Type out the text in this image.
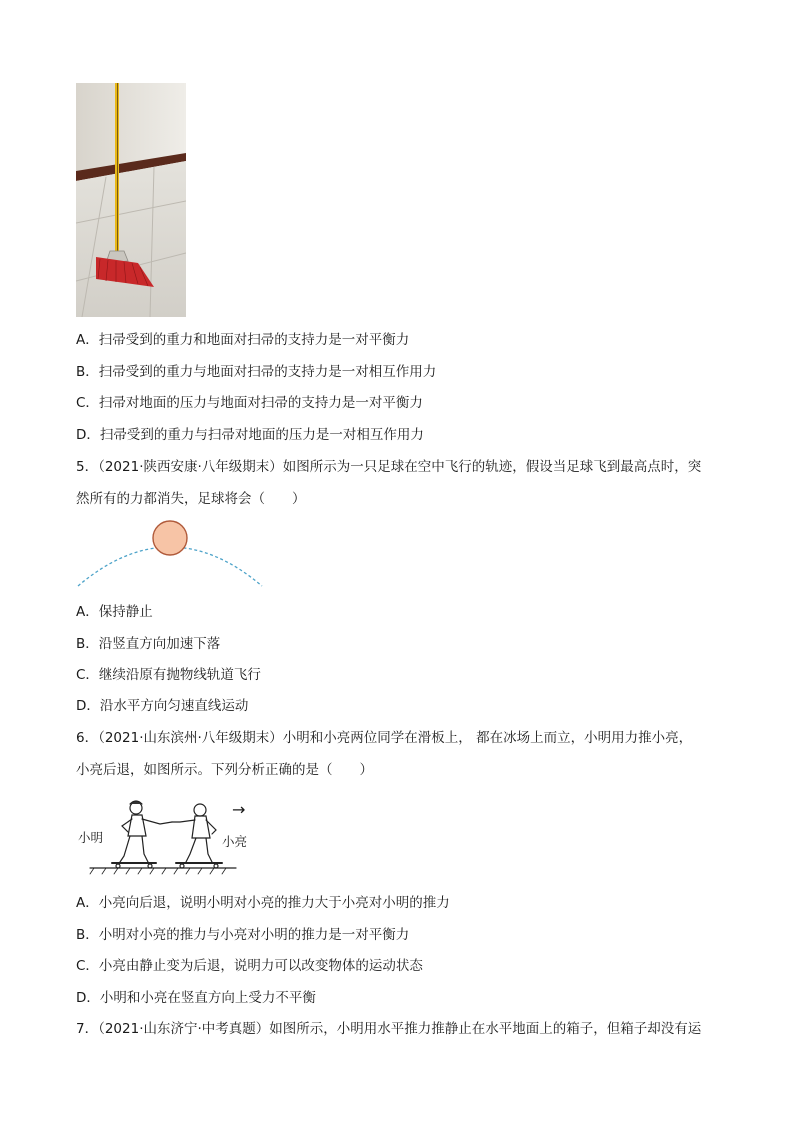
A．扫帚受到的重力和地面对扫帚的支持力是一对平衡力
B．扫帚受到的重力与地面对扫帚的支持力是一对相互作用力
C．扫帚对地面的压力与地面对扫帚的支持力是一对平衡力
D．扫帚受到的重力与扫帚对地面的压力是一对相互作用力
5．（2021·陕西安康·八年级期末）如图所示为一只足球在空中飞行的轨迹，假设当足球飞到最高点时，突
然所有的力都消失，足球将会（　　）
A．保持静止
B．沿竖直方向加速下落
C．继续沿原有抛物线轨道飞行
D．沿水平方向匀速直线运动
6．（2021·山东滨州·八年级期末）小明和小亮两位同学在滑板上， 都在冰场上而立，小明用力推小亮，
小亮后退，如图所示。下列分析正确的是（　　）
小明	小亮
→
A．小亮向后退，说明小明对小亮的推力大于小亮对小明的推力
B．小明对小亮的推力与小亮对小明的推力是一对平衡力
C．小亮由静止变为后退，说明力可以改变物体的运动状态
D．小明和小亮在竖直方向上受力不平衡
7．（2021·山东济宁·中考真题）如图所示，小明用水平推力推静止在水平地面上的箱子，但箱子却没有运
